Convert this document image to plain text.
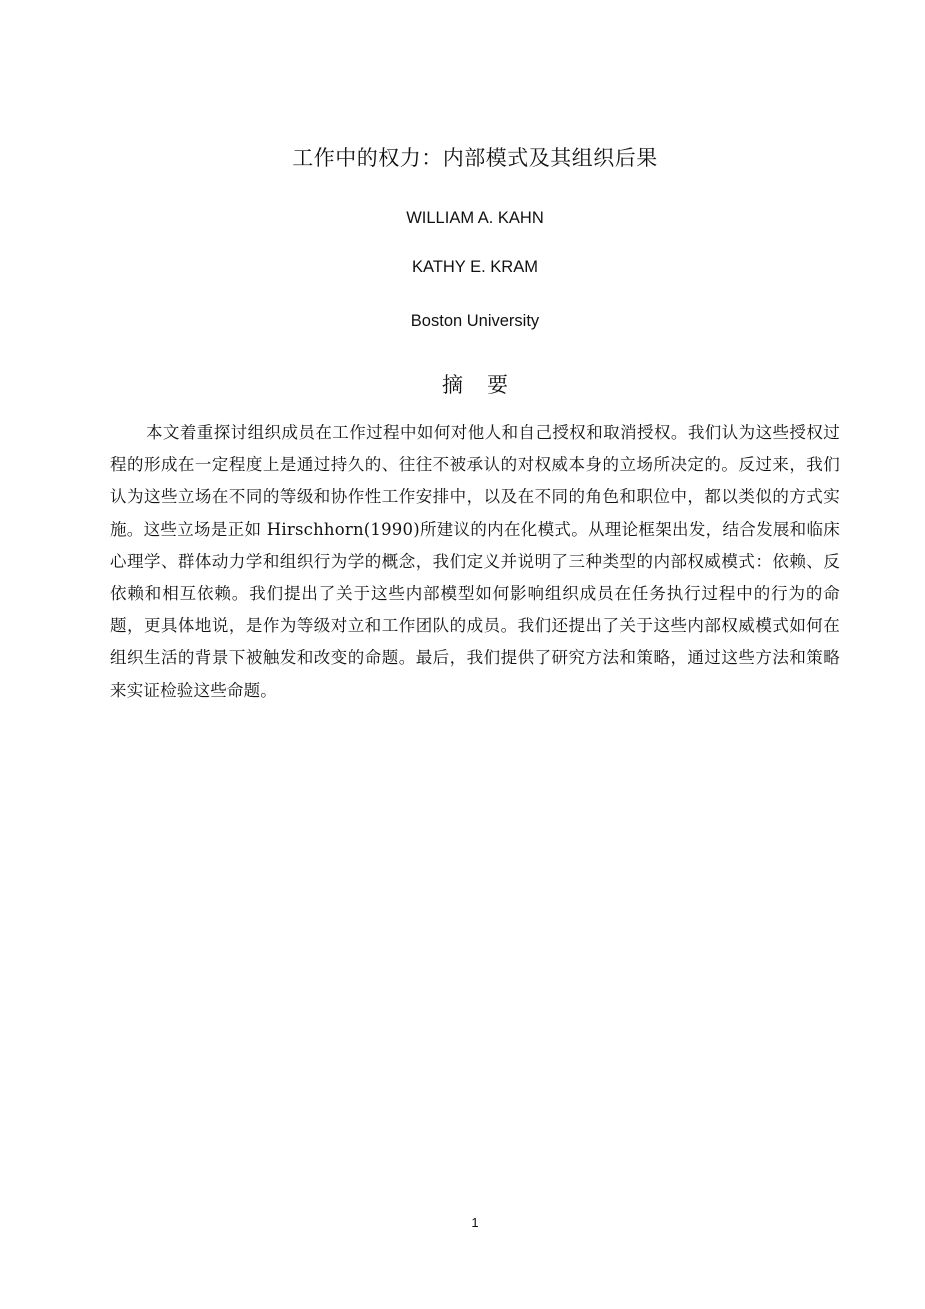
工作中的权力：内部模式及其组织后果
WILLIAM A. KAHN
KATHY E. KRAM
Boston University
摘要
本文着重探讨组织成员在工作过程中如何对他人和自己授权和取消授权。我们认为这些授权过程的形成在一定程度上是通过持久的、往往不被承认的对权威本身的立场所决定的。反过来，我们认为这些立场在不同的等级和协作性工作安排中，以及在不同的角色和职位中，都以类似的方式实施。这些立场是正如 Hirschhorn(1990)所建议的内在化模式。从理论框架出发，结合发展和临床心理学、群体动力学和组织行为学的概念，我们定义并说明了三种类型的内部权威模式：依赖、反依赖和相互依赖。我们提出了关于这些内部模型如何影响组织成员在任务执行过程中的行为的命题，更具体地说，是作为等级对立和工作团队的成员。我们还提出了关于这些内部权威模式如何在组织生活的背景下被触发和改变的命题。最后，我们提供了研究方法和策略，通过这些方法和策略来实证检验这些命题。
1
